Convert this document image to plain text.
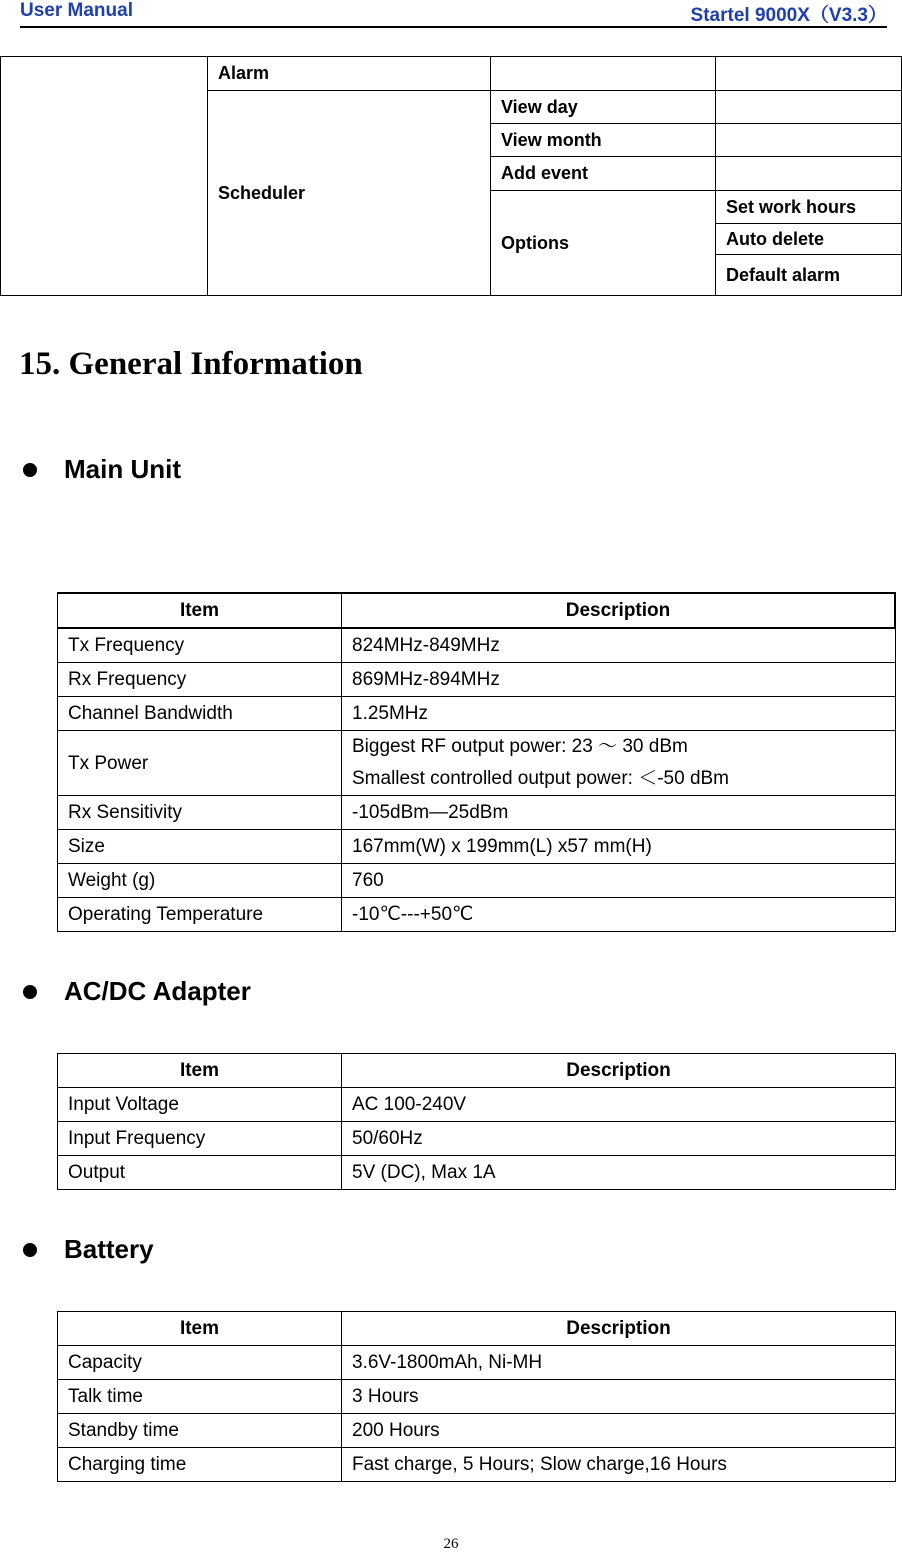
User Manual	Startel 9000X（V3.3）
	Alarm		
	Scheduler	View day	
		View month	
		Add event	
		Options	Set work hours
			Auto delete
			Default alarm
15. General Information
Main Unit
Item	Description
Tx Frequency	824MHz-849MHz
Rx Frequency	869MHz-894MHz
Channel Bandwidth	1.25MHz
Tx Power	Biggest RF output power: 23 ～ 30 dBm
Smallest controlled output power: ＜-50 dBm

Rx Sensitivity	-105dBm—25dBm
Size	167mm(W) x 199mm(L) x57 mm(H)
Weight (g)	760
Operating Temperature	-10℃---+50℃
AC/DC Adapter
Item	Description
Input Voltage	AC 100-240V
Input Frequency	50/60Hz
Output	5V (DC), Max 1A
Battery
Item	Description
Capacity	3.6V-1800mAh, Ni-MH
Talk time	3 Hours
Standby time	200 Hours
Charging time	Fast charge, 5 Hours; Slow charge,16 Hours
26
